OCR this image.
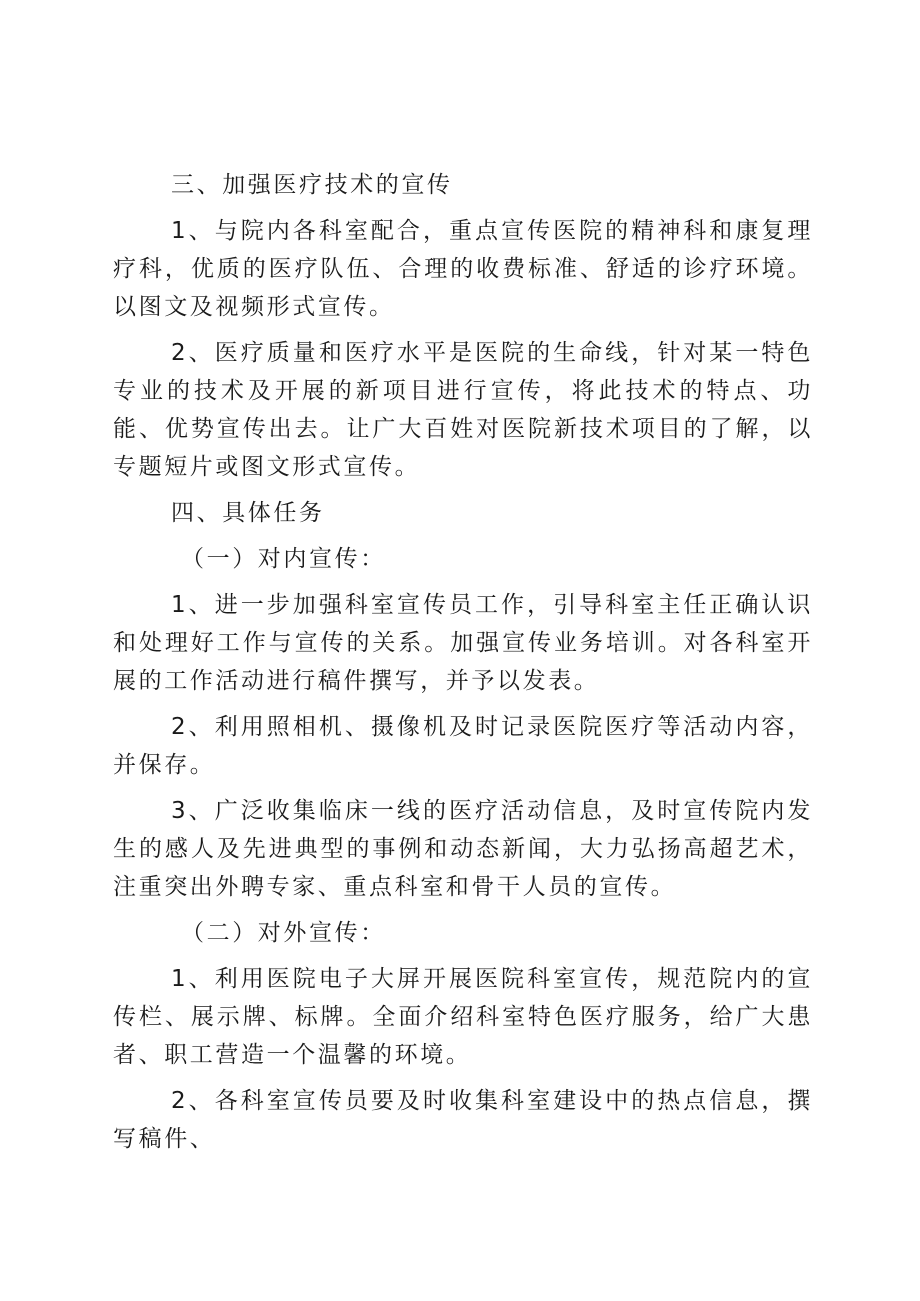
三、加强医疗技术的宣传

1、与院内各科室配合，重点宣传医院的精神科和康复理疗科，优质的医疗队伍、合理的收费标准、舒适的诊疗环境。以图文及视频形式宣传。

2、医疗质量和医疗水平是医院的生命线，针对某一特色专业的技术及开展的新项目进行宣传，将此技术的特点、功能、优势宣传出去。让广大百姓对医院新技术项目的了解，以专题短片或图文形式宣传。

四、具体任务

（一）对内宣传：

1、进一步加强科室宣传员工作，引导科室主任正确认识和处理好工作与宣传的关系。加强宣传业务培训。对各科室开展的工作活动进行稿件撰写，并予以发表。

2、利用照相机、摄像机及时记录医院医疗等活动内容，并保存。

3、广泛收集临床一线的医疗活动信息，及时宣传院内发生的感人及先进典型的事例和动态新闻，大力弘扬高超艺术，注重突出外聘专家、重点科室和骨干人员的宣传。

（二）对外宣传：

1、利用医院电子大屏开展医院科室宣传，规范院内的宣传栏、展示牌、标牌。全面介绍科室特色医疗服务，给广大患者、职工营造一个温馨的环境。

2、各科室宣传员要及时收集科室建设中的热点信息，撰写稿件、
